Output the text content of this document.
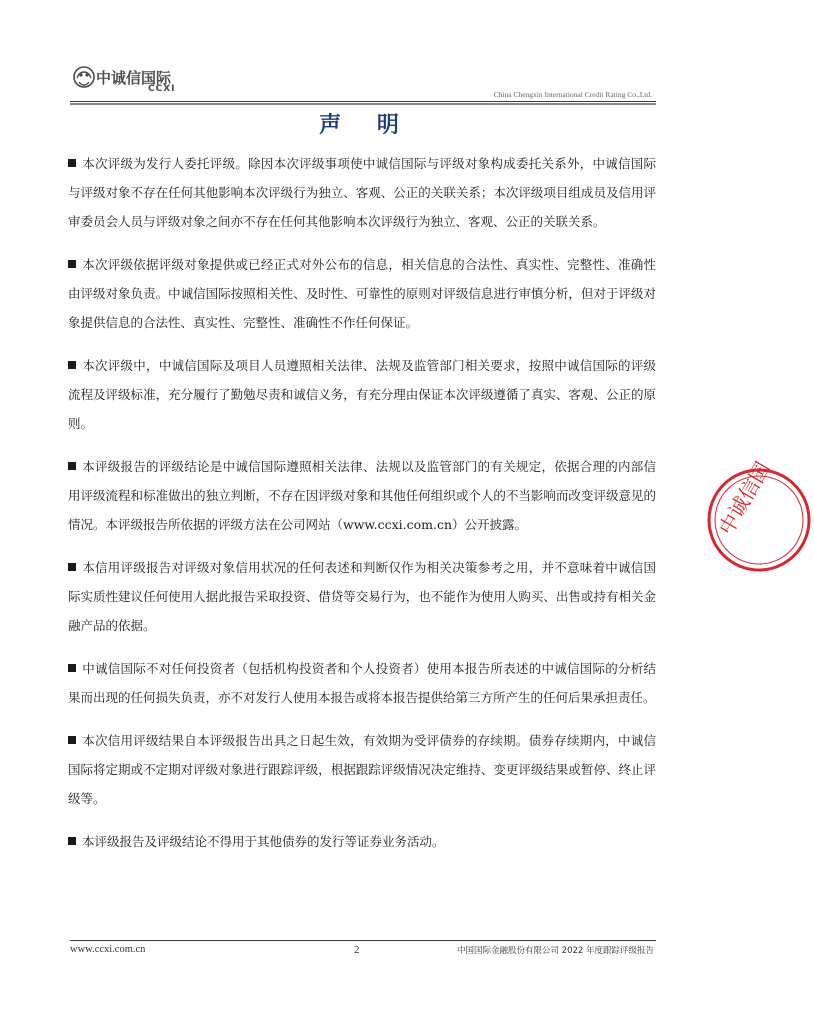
中诚信国际
CCXI
China Chengxin International Credit Rating Co.,Ltd.
声 明

本次评级为发行人委托评级。除因本次评级事项使中诚信国际与评级对象构成委托关系外，中诚信国际与评级对象不存在任何其他影响本次评级行为独立、客观、公正的关联关系；本次评级项目组成员及信用评审委员会人员与评级对象之间亦不存在任何其他影响本次评级行为独立、客观、公正的关联关系。

本次评级依据评级对象提供或已经正式对外公布的信息，相关信息的合法性、真实性、完整性、准确性由评级对象负责。中诚信国际按照相关性、及时性、可靠性的原则对评级信息进行审慎分析，但对于评级对象提供信息的合法性、真实性、完整性、准确性不作任何保证。

本次评级中，中诚信国际及项目人员遵照相关法律、法规及监管部门相关要求，按照中诚信国际的评级流程及评级标准，充分履行了勤勉尽责和诚信义务，有充分理由保证本次评级遵循了真实、客观、公正的原则。

本评级报告的评级结论是中诚信国际遵照相关法律、法规以及监管部门的有关规定，依据合理的内部信用评级流程和标准做出的独立判断，不存在因评级对象和其他任何组织或个人的不当影响而改变评级意见的情况。本评级报告所依据的评级方法在公司网站（www.ccxi.com.cn）公开披露。

本信用评级报告对评级对象信用状况的任何表述和判断仅作为相关决策参考之用，并不意味着中诚信国际实质性建议任何使用人据此报告采取投资、借贷等交易行为，也不能作为使用人购买、出售或持有相关金融产品的依据。

中诚信国际不对任何投资者（包括机构投资者和个人投资者）使用本报告所表述的中诚信国际的分析结果而出现的任何损失负责，亦不对发行人使用本报告或将本报告提供给第三方所产生的任何后果承担责任。

本次信用评级结果自本评级报告出具之日起生效，有效期为受评债券的存续期。债券存续期内，中诚信国际将定期或不定期对评级对象进行跟踪评级，根据跟踪评级情况决定维持、变更评级结果或暂停、终止评级等。

本评级报告及评级结论不得用于其他债券的发行等证券业务活动。

中诚信国
www.ccxi.com.cn	2	中国国际金融股份有限公司 2022 年度跟踪评级报告
